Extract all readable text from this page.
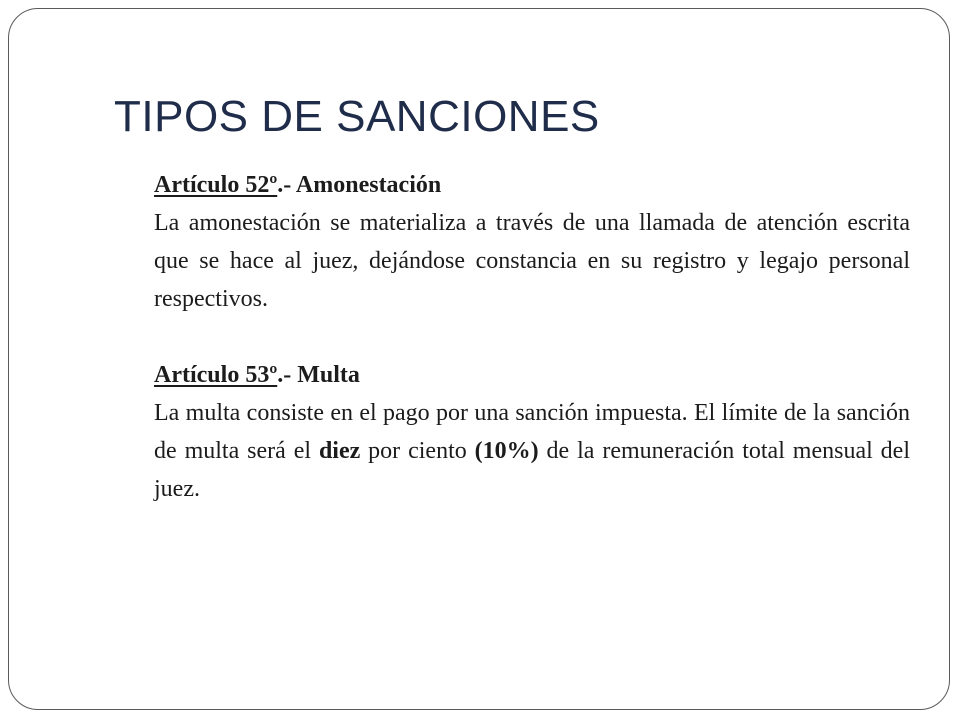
TIPOS DE SANCIONES

Artículo 52º.- Amonestación

La amonestación se materializa a través de una llamada de atención escrita que se hace al juez, dejándose constancia en su registro y legajo personal respectivos.

Artículo 53º.- Multa

La multa consiste en el pago por una sanción impuesta. El límite de la sanción de multa será el diez por ciento (10%) de la remuneración total mensual del juez.
